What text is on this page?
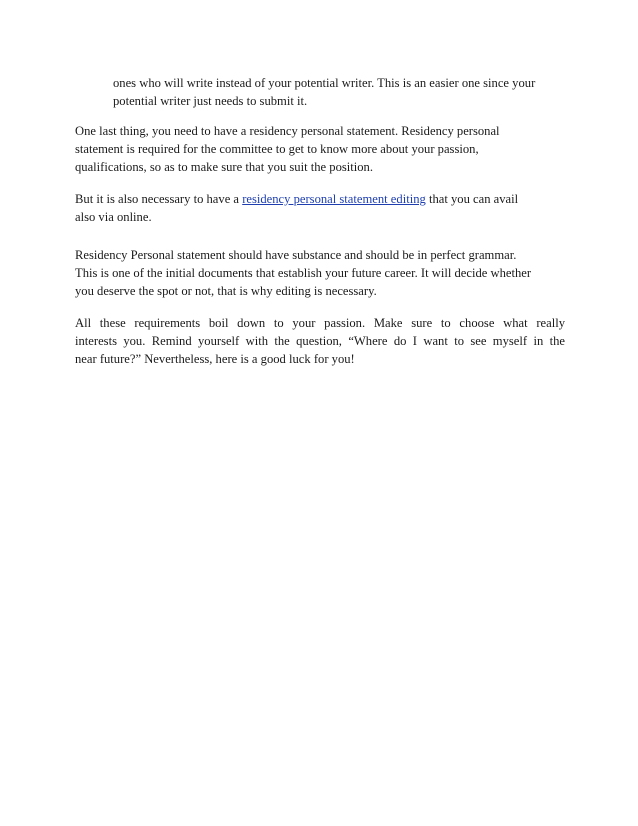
ones who will write instead of your potential writer. This is an easier one since your
potential writer just needs to submit it.
One last thing, you need to have a residency personal statement. Residency personal
statement is required for the committee to get to know more about your passion,
qualifications, so as to make sure that you suit the position.
But it is also necessary to have a residency personal statement editing that you can avail
also via online.
Residency Personal statement should have substance and should be in perfect grammar.
This is one of the initial documents that establish your future career. It will decide whether
you deserve the spot or not, that is why editing is necessary.
All these requirements boil down to your passion. Make sure to choose what really
interests you. Remind yourself with the question, “Where do I want to see myself in the
near future?” Nevertheless, here is a good luck for you!
